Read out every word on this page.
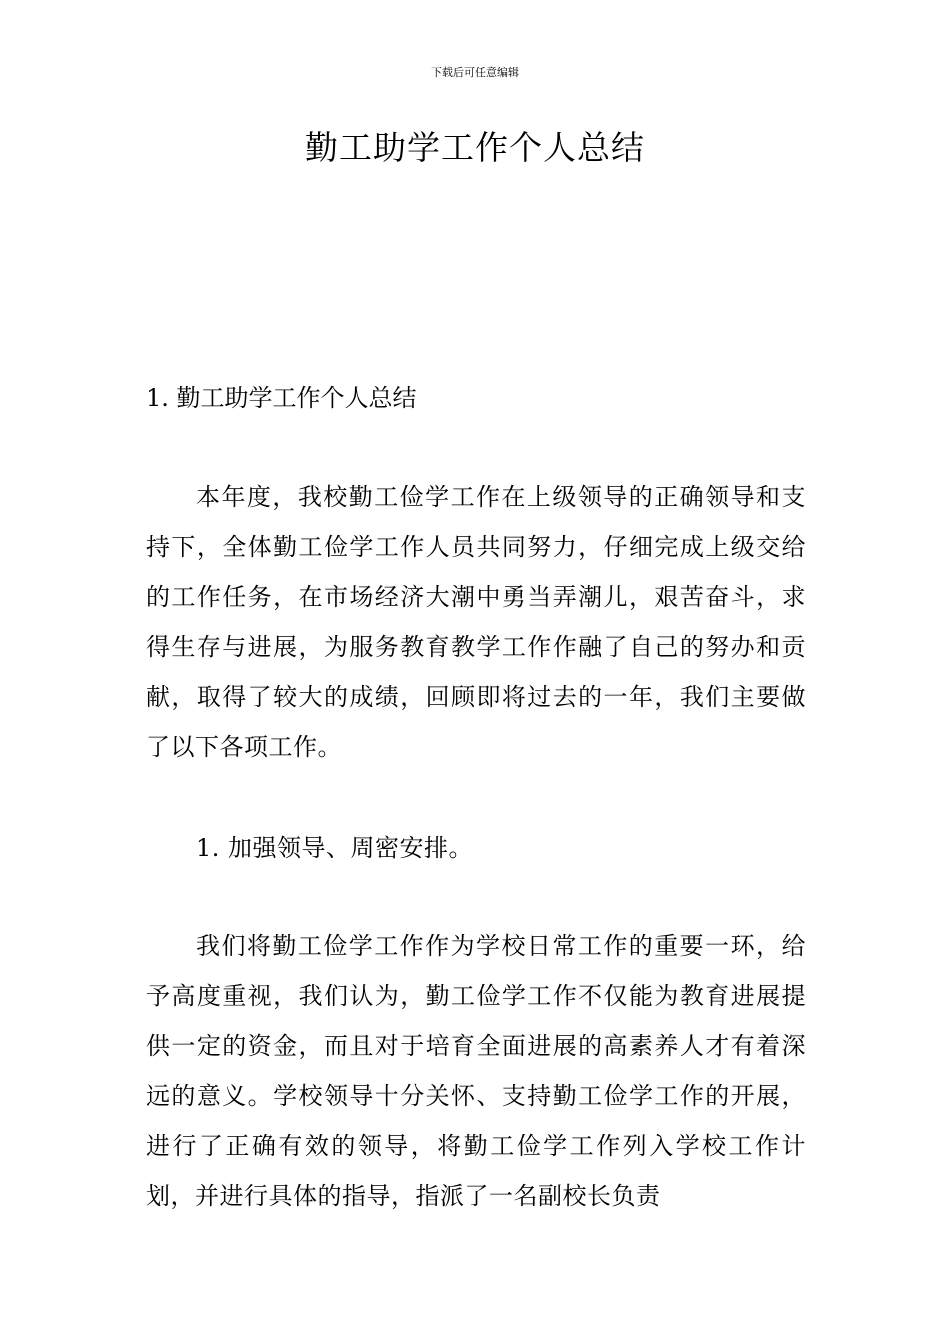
下载后可任意编辑
勤工助学工作个人总结
1. 勤工助学工作个人总结

本年度，我校勤工俭学工作在上级领导的正确领导和支持下，全体勤工俭学工作人员共同努力，仔细完成上级交给的工作任务，在市场经济大潮中勇当弄潮儿，艰苦奋斗，求得生存与进展，为服务教育教学工作作融了自己的努办和贡献，取得了较大的成绩，回顾即将过去的一年，我们主要做了以下各项工作。

1. 加强领导、周密安排。

我们将勤工俭学工作作为学校日常工作的重要一环，给予高度重视，我们认为，勤工俭学工作不仅能为教育进展提供一定的资金，而且对于培育全面进展的高素养人才有着深远的意义。学校领导十分关怀、支持勤工俭学工作的开展，进行了正确有效的领导，将勤工俭学工作列入学校工作计划，并进行具体的指导，指派了一名副校长负责
